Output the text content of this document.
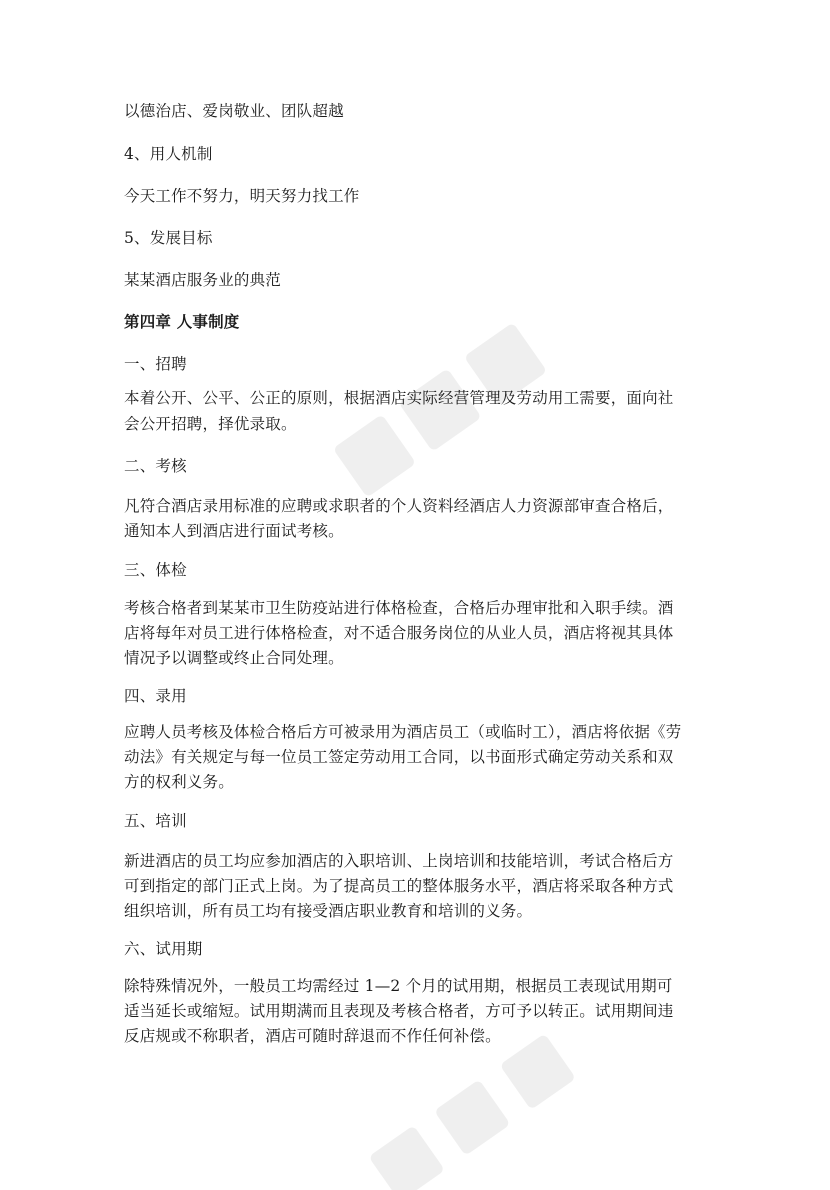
以德治店、爱岗敬业、团队超越
4、用人机制
今天工作不努力，明天努力找工作
5、发展目标
某某酒店服务业的典范
第四章 人事制度
一、招聘
本着公开、公平、公正的原则，根据酒店实际经营管理及劳动用工需要，面向社
会公开招聘，择优录取。
二、考核
凡符合酒店录用标准的应聘或求职者的个人资料经酒店人力资源部审查合格后，
通知本人到酒店进行面试考核。
三、体检
考核合格者到某某市卫生防疫站进行体格检查，合格后办理审批和入职手续。酒
店将每年对员工进行体格检查，对不适合服务岗位的从业人员，酒店将视其具体
情况予以调整或终止合同处理。
四、录用
应聘人员考核及体检合格后方可被录用为酒店员工（或临时工），酒店将依据《劳
动法》有关规定与每一位员工签定劳动用工合同，以书面形式确定劳动关系和双
方的权利义务。
五、培训
新进酒店的员工均应参加酒店的入职培训、上岗培训和技能培训，考试合格后方
可到指定的部门正式上岗。为了提高员工的整体服务水平，酒店将采取各种方式
组织培训，所有员工均有接受酒店职业教育和培训的义务。
六、试用期
除特殊情况外，一般员工均需经过 1—2 个月的试用期，根据员工表现试用期可
适当延长或缩短。试用期满而且表现及考核合格者，方可予以转正。试用期间违
反店规或不称职者，酒店可随时辞退而不作任何补偿。
